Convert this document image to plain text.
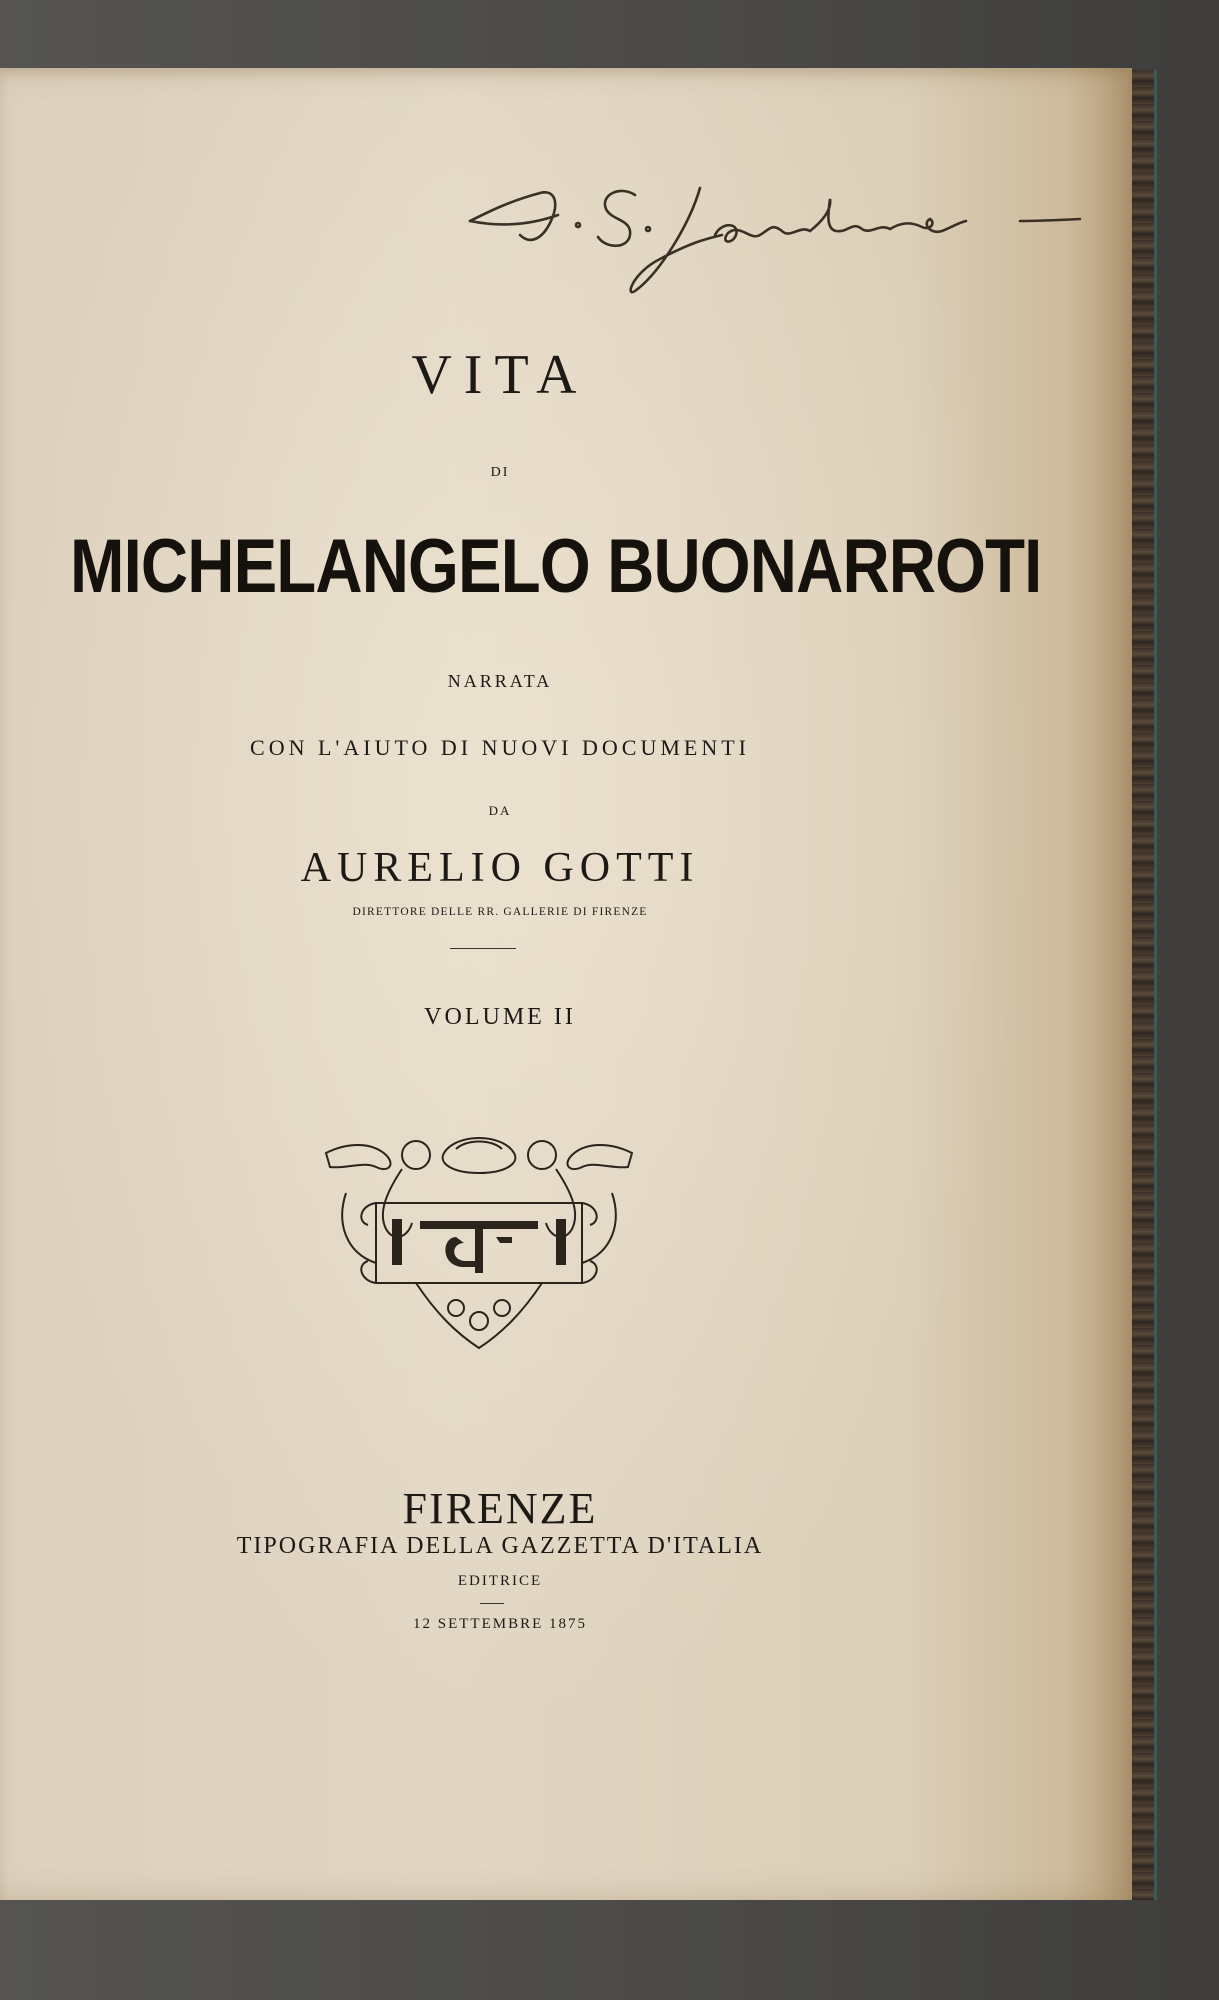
VITA
DI
MICHELANGELO BUONARROTI
NARRATA
CON L'AIUTO DI NUOVI DOCUMENTI
DA
AURELIO GOTTI
DIRETTORE DELLE RR. GALLERIE DI FIRENZE
VOLUME II
FIRENZE
TIPOGRAFIA DELLA GAZZETTA D'ITALIA
EDITRICE
12 SETTEMBRE 1875
